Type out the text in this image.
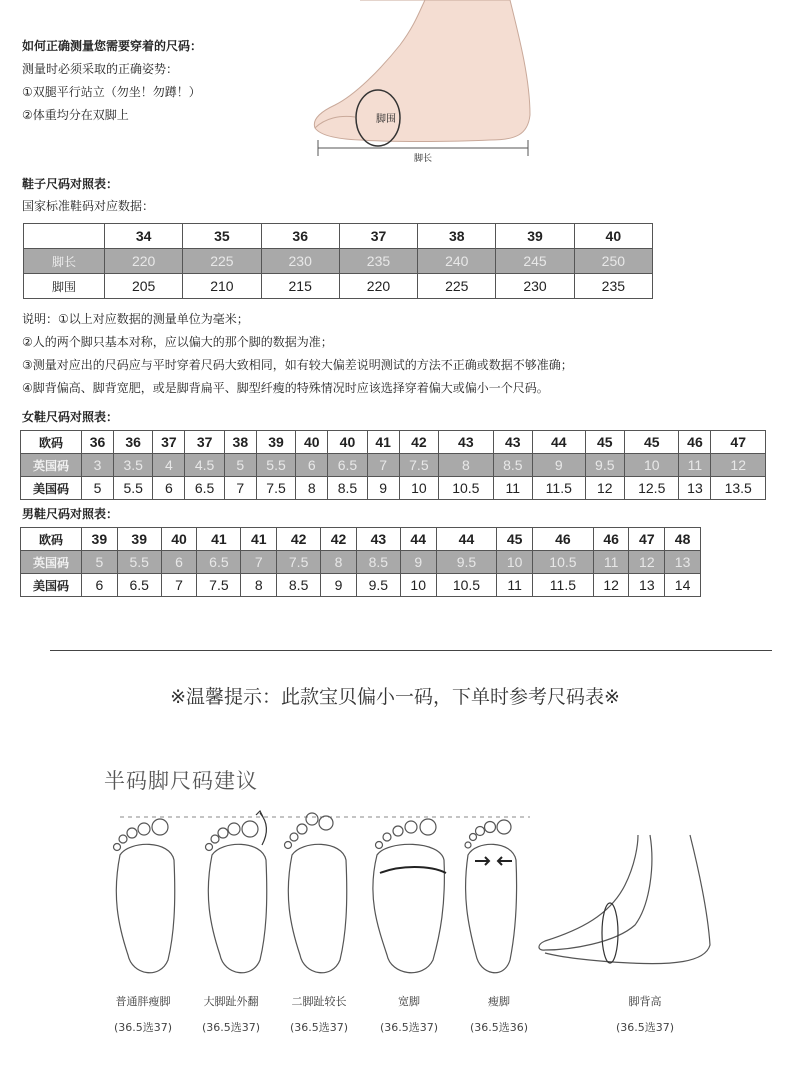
脚围
脚长
如何正确测量您需要穿着的尺码：
测量时必须采取的正确姿势：
①双腿平行站立（勿坐！勿蹲！）
②体重均分在双脚上
鞋子尺码对照表：
国家标准鞋码对应数据：
	34	35	36	37	38	39	40
脚长	220	225	230	235	240	245	250
脚围	205	210	215	220	225	230	235
说明：①以上对应数据的测量单位为毫米；
②人的两个脚只基本对称，应以偏大的那个脚的数据为准；
③测量对应出的尺码应与平时穿着尺码大致相同，如有较大偏差说明测试的方法不正确或数据不够准确；
④脚背偏高、脚背宽肥，或是脚背扁平、脚型纤瘦的特殊情况时应该选择穿着偏大或偏小一个尺码。
女鞋尺码对照表：
欧码	36	36	37	37	38	39	40	40	41	42	43	43	44	45	45	46	47
英国码	3	3.5	4	4.5	5	5.5	6	6.5	7	7.5	8	8.5	9	9.5	10	11	12
美国码	5	5.5	6	6.5	7	7.5	8	8.5	9	10	10.5	11	11.5	12	12.5	13	13.5
男鞋尺码对照表：
欧码	39	39	40	41	41	42	42	43	44	44	45	46	46	47	48
英国码	5	5.5	6	6.5	7	7.5	8	8.5	9	9.5	10	10.5	11	12	13
美国码	6	6.5	7	7.5	8	8.5	9	9.5	10	10.5	11	11.5	12	13	14
※温馨提示：此款宝贝偏小一码，下单时参考尺码表※
半码脚尺码建议
普通胖瘦脚
(36.5选37)
大脚趾外翻
(36.5选37)
二脚趾较长
(36.5选37)
宽脚
(36.5选37)
瘦脚
(36.5选36)
脚背高
(36.5选37)
